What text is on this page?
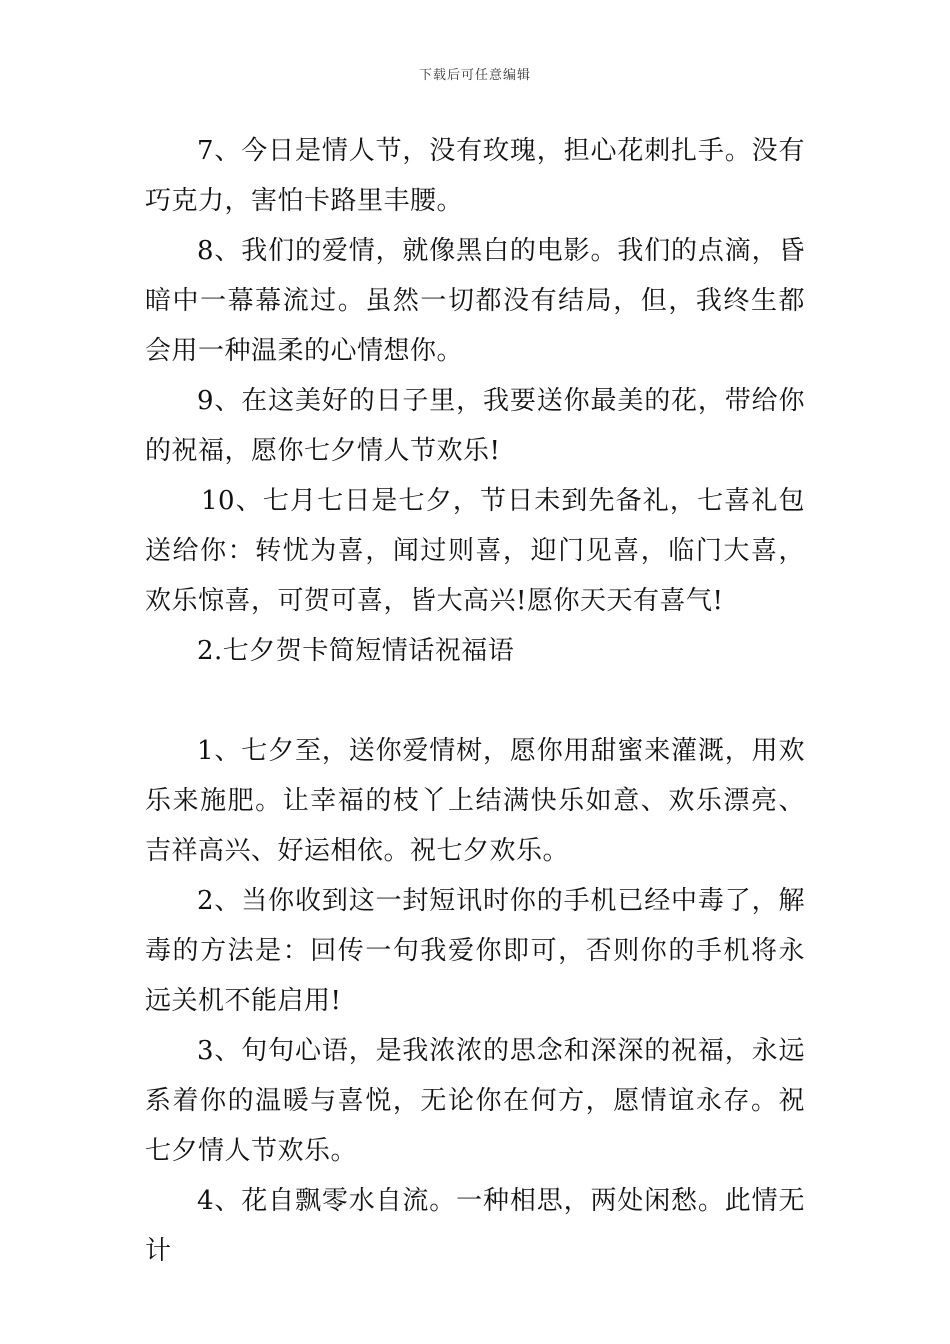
下载后可任意编辑

7、今日是情人节，没有玫瑰，担心花刺扎手。没有巧克力，害怕卡路里丰腰。

8、我们的爱情，就像黑白的电影。我们的点滴，昏暗中一幕幕流过。虽然一切都没有结局，但，我终生都会用一种温柔的心情想你。

9、在这美好的日子里，我要送你最美的花，带给你的祝福，愿你七夕情人节欢乐!

10、七月七日是七夕，节日未到先备礼，七喜礼包送给你：转忧为喜，闻过则喜，迎门见喜，临门大喜，欢乐惊喜，可贺可喜，皆大高兴!愿你天天有喜气!

2.七夕贺卡简短情话祝福语

1、七夕至，送你爱情树，愿你用甜蜜来灌溉，用欢乐来施肥。让幸福的枝丫上结满快乐如意、欢乐漂亮、吉祥高兴、好运相依。祝七夕欢乐。

2、当你收到这一封短讯时你的手机已经中毒了，解毒的方法是：回传一句我爱你即可，否则你的手机将永远关机不能启用!

3、句句心语，是我浓浓的思念和深深的祝福，永远系着你的温暖与喜悦，无论你在何方，愿情谊永存。祝七夕情人节欢乐。

4、花自飘零水自流。一种相思，两处闲愁。此情无计
